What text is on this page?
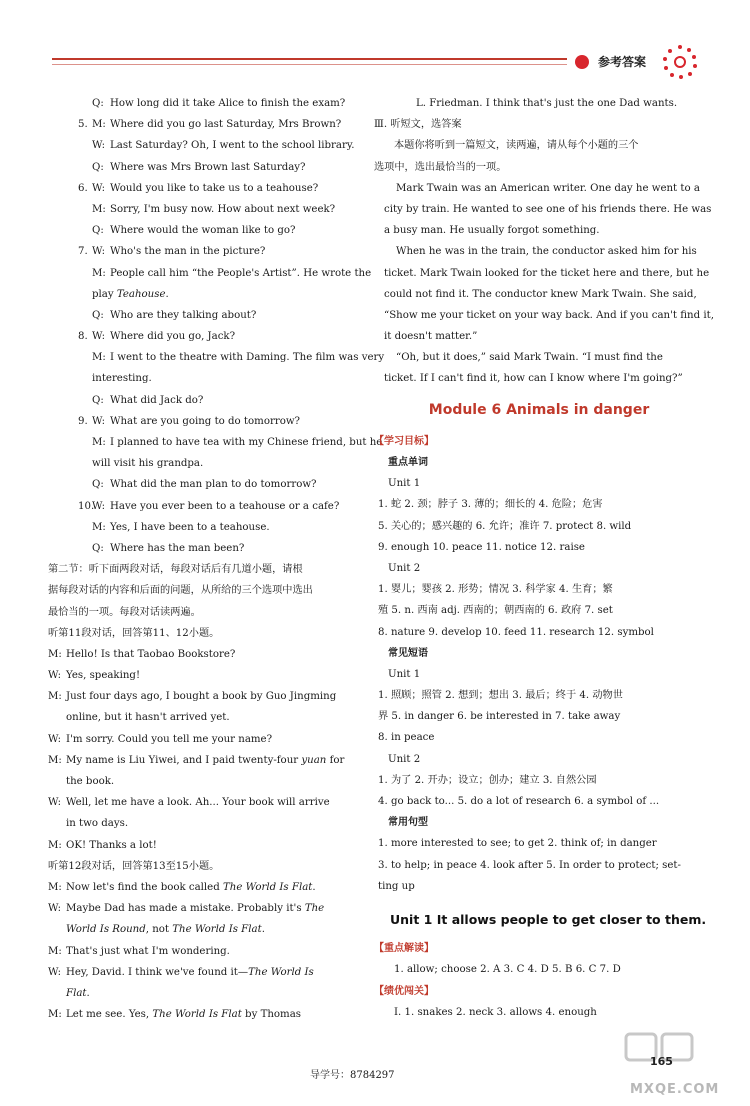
参考答案
Q: How long did it take Alice to finish the exam?
5. M: Where did you go last Saturday, Mrs Brown?
W: Last Saturday? Oh, I went to the school library.
Q: Where was Mrs Brown last Saturday?
6. W: Would you like to take us to a teahouse?
M: Sorry, I'm busy now. How about next week?
Q: Where would the woman like to go?
7. W: Who's the man in the picture?
M: People call him “the People's Artist”. He wrote the
play Teahouse.
Q: Who are they talking about?
8. W: Where did you go, Jack?
M: I went to the theatre with Daming. The film was very
interesting.
Q: What did Jack do?
9. W: What are you going to do tomorrow?
M: I planned to have tea with my Chinese friend, but he
will visit his grandpa.
Q: What did the man plan to do tomorrow?
10.W: Have you ever been to a teahouse or a cafe?
M: Yes, I have been to a teahouse.
Q: Where has the man been?
第二节：听下面两段对话，每段对话后有几道小题，请根
据每段对话的内容和后面的问题，从所给的三个选项中选出
最恰当的一项。每段对话读两遍。
听第11段对话，回答第11、12小题。
M: Hello! Is that Taobao Bookstore?
W: Yes, speaking!
M: Just four days ago, I bought a book by Guo Jingming
online, but it hasn't arrived yet.
W: I'm sorry. Could you tell me your name?
M: My name is Liu Yiwei, and I paid twenty-four yuan for
the book.
W: Well, let me have a look. Ah... Your book will arrive
in two days.
M: OK! Thanks a lot!
听第12段对话，回答第13至15小题。
M: Now let's find the book called The World Is Flat.
W: Maybe Dad has made a mistake. Probably it's The
World Is Round, not The World Is Flat.
M: That's just what I'm wondering.
W: Hey, David. I think we've found it—The World Is
Flat.
M: Let me see. Yes, The World Is Flat by Thomas
L. Friedman. I think that's just the one Dad wants.
Ⅲ. 听短文，选答案
本题你将听到一篇短文，读两遍，请从每个小题的三个
选项中，选出最恰当的一项。
Mark Twain was an American writer. One day he went to a
city by train. He wanted to see one of his friends there. He was
a busy man. He usually forgot something.
When he was in the train, the conductor asked him for his
ticket. Mark Twain looked for the ticket here and there, but he
could not find it. The conductor knew Mark Twain. She said,
“Show me your ticket on your way back. And if you can't find it,
it doesn't matter.”
“Oh, but it does,” said Mark Twain. “I must find the
ticket. If I can't find it, how can I know where I'm going?”
Module 6 Animals in danger
【学习目标】
重点单词
Unit 1
1. 蛇 2. 颈；脖子 3. 薄的；细长的 4. 危险；危害
5. 关心的；感兴趣的 6. 允许；准许 7. protect 8. wild
9. enough 10. peace 11. notice 12. raise
Unit 2
1. 婴儿；婴孩 2. 形势；情况 3. 科学家 4. 生育；繁
殖 5. n. 西南 adj. 西南的；朝西南的 6. 政府 7. set
8. nature 9. develop 10. feed 11. research 12. symbol
常见短语
Unit 1
1. 照顾；照管 2. 想到；想出 3. 最后；终于 4. 动物世
界 5. in danger 6. be interested in 7. take away
8. in peace
Unit 2
1. 为了 2. 开办；设立；创办；建立 3. 自然公园
4. go back to... 5. do a lot of research 6. a symbol of ...
常用句型
1. more interested to see; to get 2. think of; in danger
3. to help; in peace 4. look after 5. In order to protect; set-
ting up
Unit 1 It allows people to get closer to them.
【重点解读】
1. allow; choose 2. A 3. C 4. D 5. B 6. C 7. D
【绩优闯关】
Ⅰ. 1. snakes 2. neck 3. allows 4. enough
导学号：8784297
165
MXQE.COM
